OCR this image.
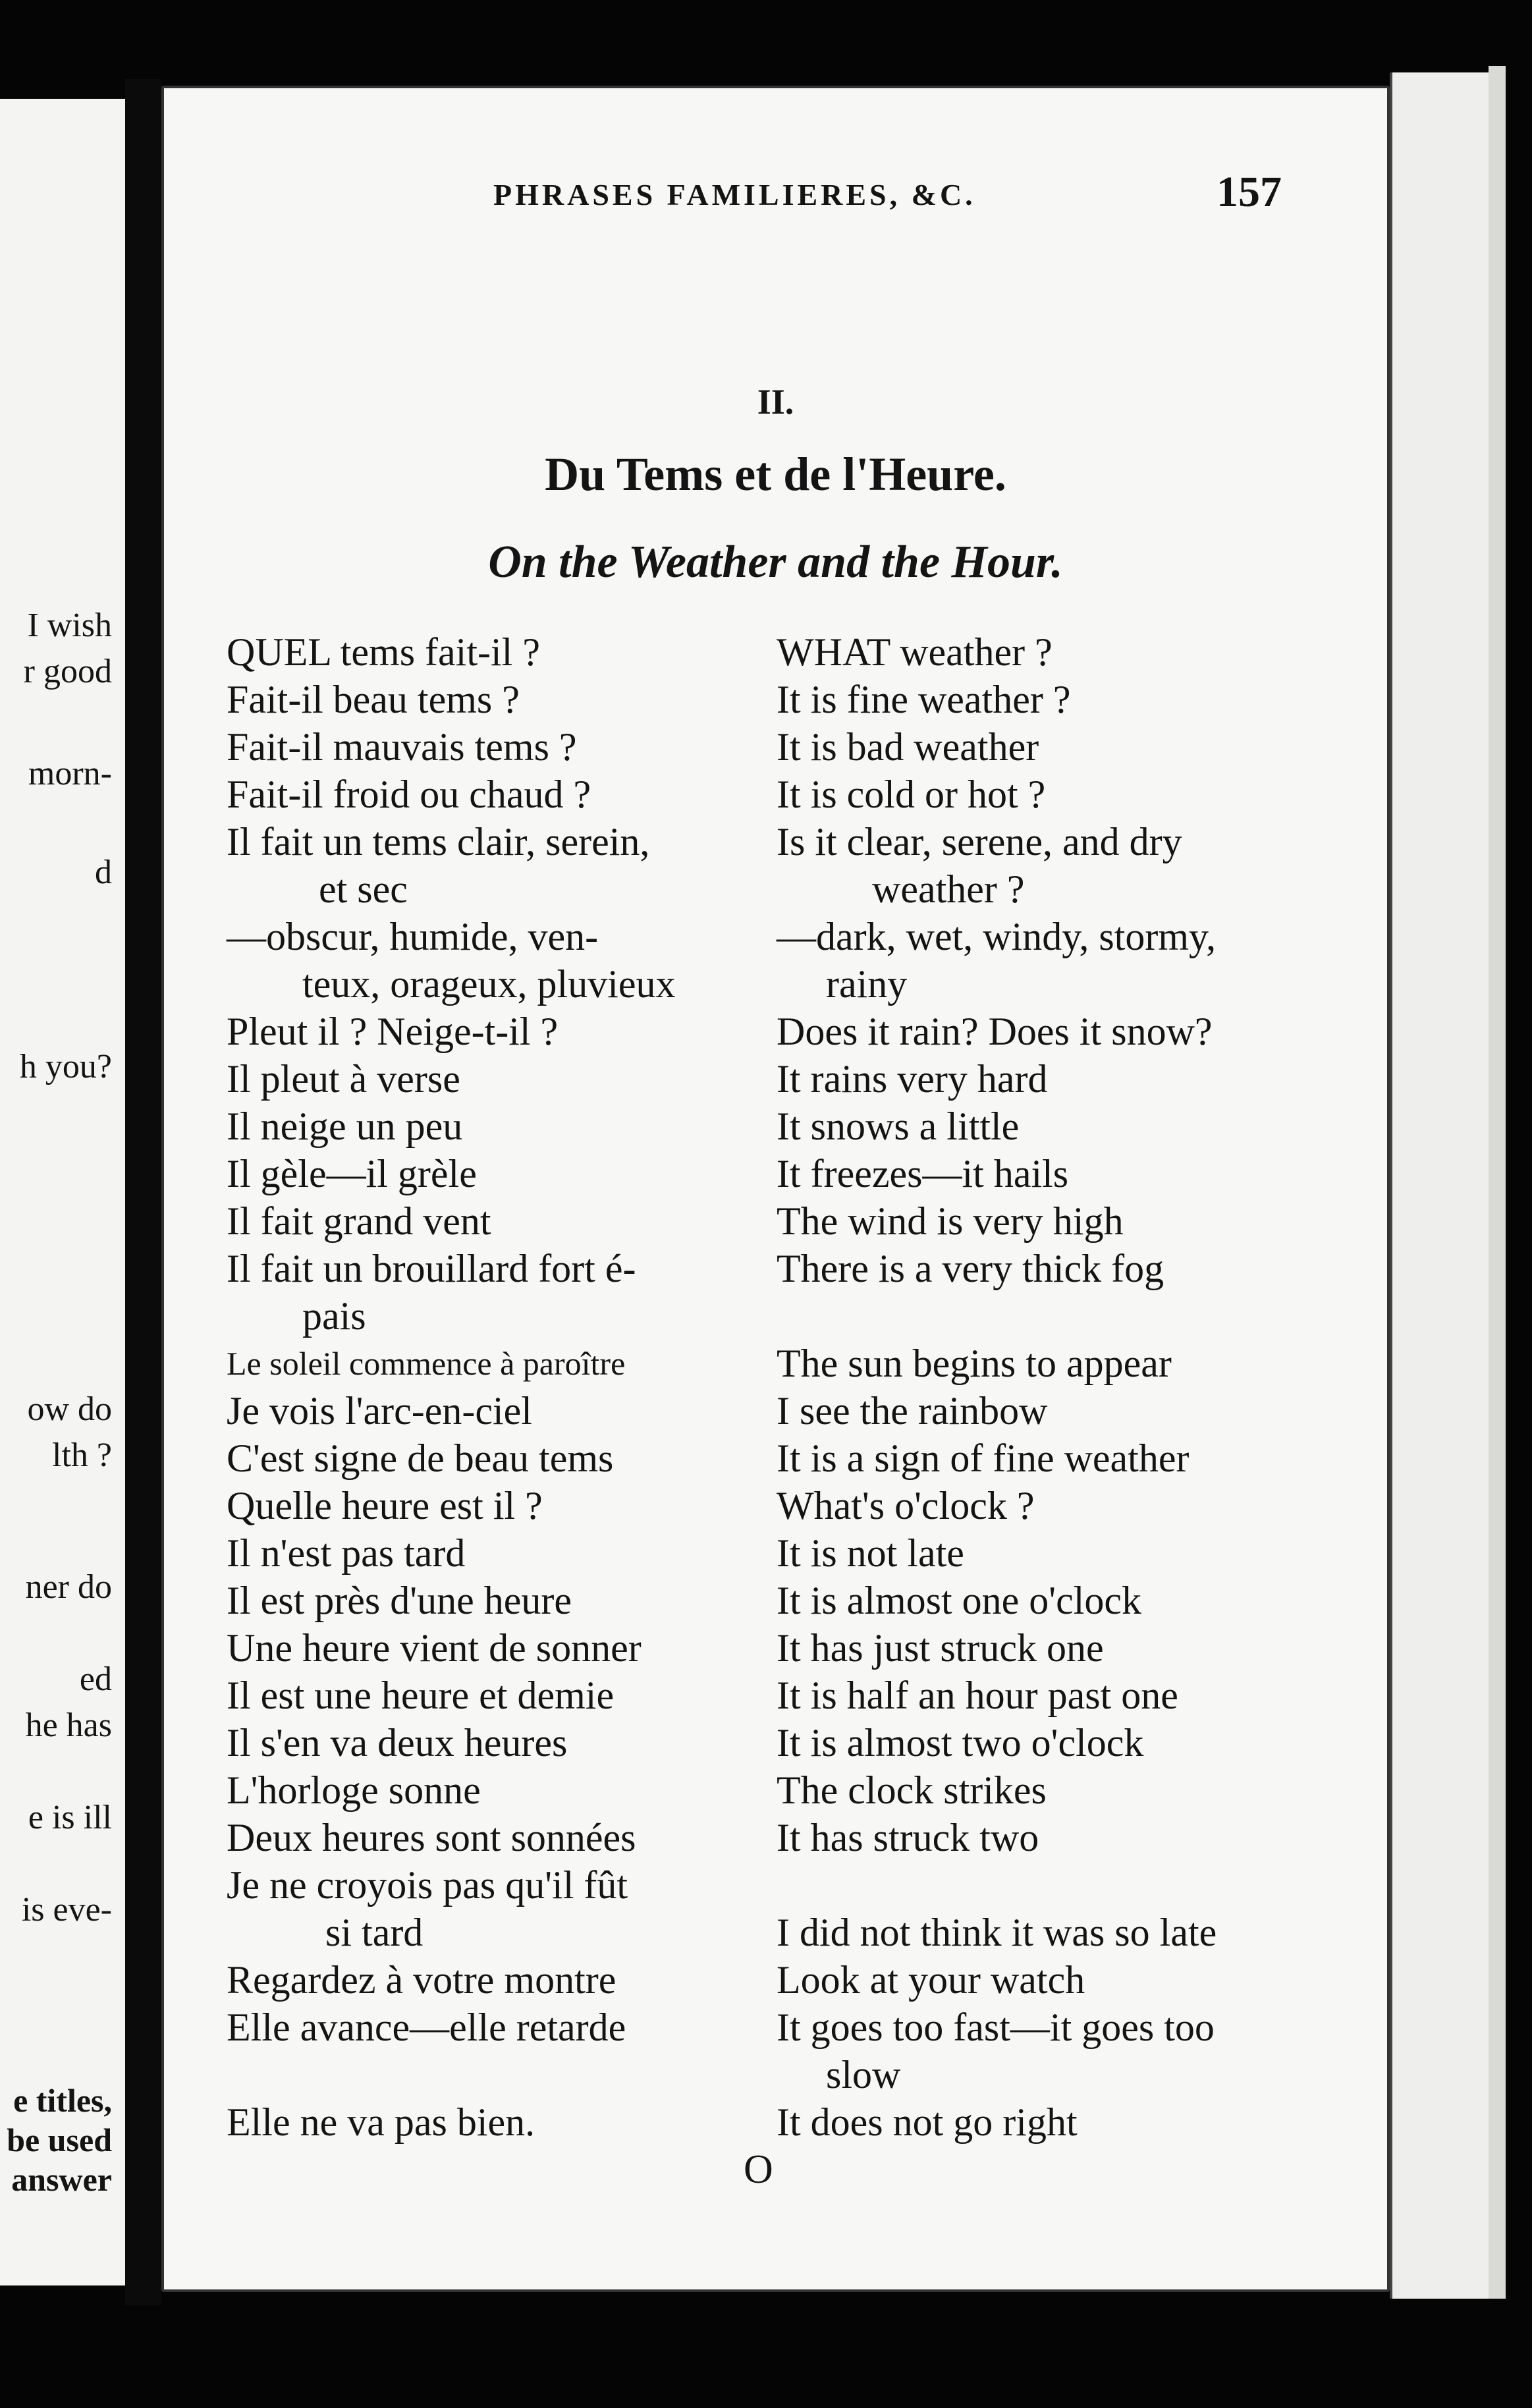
I wish
r good
morn-
d
h you?
ow do
lth ?
ner do
ed
he has
e is ill
is eve-
e titles,
be used
answer
PHRASES FAMILIERES, &C.	157
II.
Du Tems et de l'Heure.
On the Weather and the Hour.
QUEL tems fait-il ?	WHAT weather ?
Fait-il beau tems ?	It is fine weather ?
Fait-il mauvais tems ?	It is bad weather
Fait-il froid ou chaud ?	It is cold or hot ?
Il fait un tems clair, serein,	Is it clear, serene, and dry
et sec	weather ?
—obscur, humide, ven-	—dark, wet, windy, stormy,
teux, orageux, pluvieux	rainy
Pleut il ? Neige-t-il ?	Does it rain? Does it snow?
Il pleut à verse	It rains very hard
Il neige un peu	It snows a little
Il gèle—il grèle	It freezes—it hails
Il fait grand vent	The wind is very high
Il fait un brouillard fort é-	There is a very thick fog
pais
Le soleil commence à paroître	The sun begins to appear
Je vois l'arc-en-ciel	I see the rainbow
C'est signe de beau tems	It is a sign of fine weather
Quelle heure est il ?	What's o'clock ?
Il n'est pas tard	It is not late
Il est près d'une heure	It is almost one o'clock
Une heure vient de sonner	It has just struck one
Il est une heure et demie	It is half an hour past one
Il s'en va deux heures	It is almost two o'clock
L'horloge sonne	The clock strikes
Deux heures sont sonnées	It has struck two
Je ne croyois pas qu'il fût
si tard	I did not think it was so late
Regardez à votre montre	Look at your watch
Elle avance—elle retarde	It goes too fast—it goes too
slow
Elle ne va pas bien.	It does not go right
O
